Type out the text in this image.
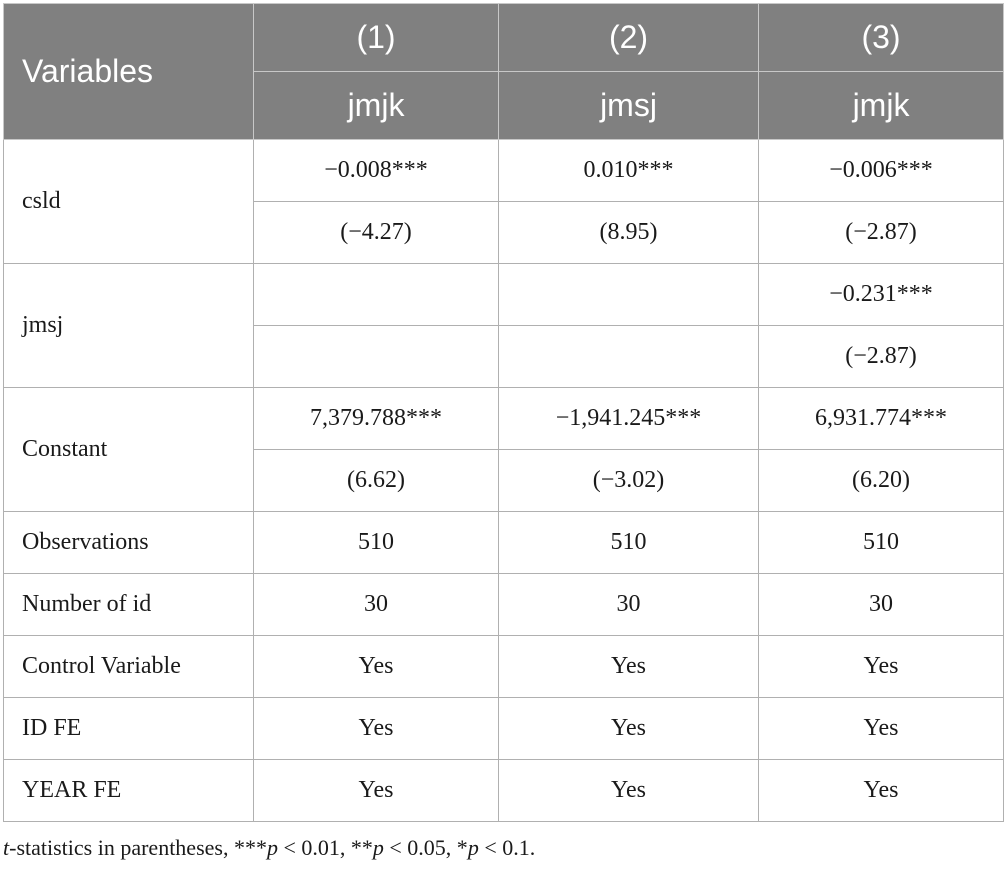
Variables	(1)	(2)	(3)
	jmjk	jmsj	jmjk
csld	−0.008***	0.010***	−0.006***
	(−4.27)	(8.95)	(−2.87)
jmsj			−0.231***
			(−2.87)
Constant	7,379.788***	−1,941.245***	6,931.774***
	(6.62)	(−3.02)	(6.20)
Observations	510	510	510
Number of id	30	30	30
Control Variable	Yes	Yes	Yes
ID FE	Yes	Yes	Yes
YEAR FE	Yes	Yes	Yes
t-statistics in parentheses, ***p < 0.01, **p < 0.05, *p < 0.1.
